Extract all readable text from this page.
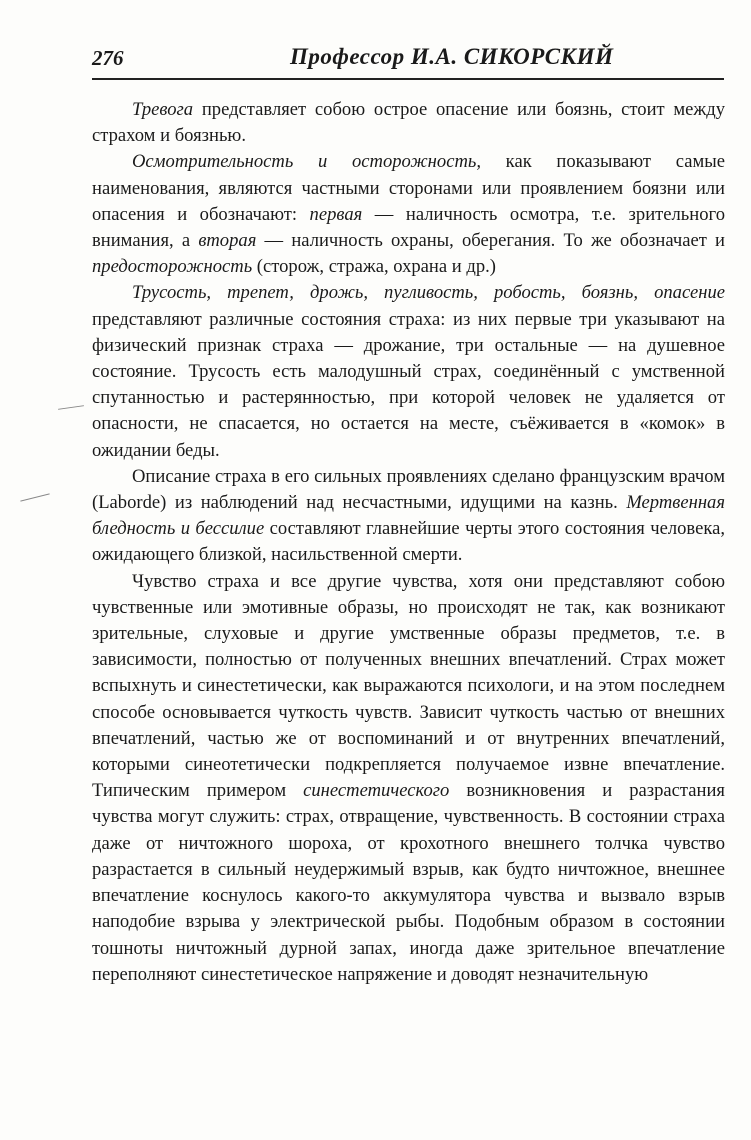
276	Профессор И.А. СИКОРСКИЙ

Тревога представляет собою острое опасение или боязнь, стоит между страхом и боязнью.

Осмотрительность и осторожность, как показывают самые наименования, являются частными сторонами или проявлением боязни или опасения и обозначают: первая — наличность осмотра, т.е. зрительного внимания, а вторая — наличность охраны, оберегания. То же обозначает и предосторожность (сторож, стража, охрана и др.)

Трусость, трепет, дрожь, пугливость, робость, боязнь, опасение представляют различные состояния страха: из них первые три указывают на физический признак страха — дрожание, три остальные — на душевное состояние. Трусость есть малодушный страх, соединённый с умственной спутанностью и растерянностью, при которой человек не удаляется от опасности, не спасается, но остается на месте, съёживается в «комок» в ожидании беды.

Описание страха в его сильных проявлениях сделано французским врачом (Laborde) из наблюдений над несчастными, идущими на казнь. Мертвенная бледность и бессилие составляют главнейшие черты этого состояния человека, ожидающего близкой, насильственной смерти.

Чувство страха и все другие чувства, хотя они представляют собою чувственные или эмотивные образы, но происходят не так, как возникают зрительные, слуховые и другие умственные образы предметов, т.е. в зависимости, полностью от полученных внешних впечатлений. Страх может вспыхнуть и синестетически, как выражаются психологи, и на этом последнем способе основывается чуткость чувств. Зависит чуткость частью от внешних впечатлений, частью же от воспоминаний и от внутренних впечатлений, которыми синеотетически подкрепляется получаемое извне впечатление. Типическим примером синестетического возникновения и разрастания чувства могут служить: страх, отвращение, чувственность. В состоянии страха даже от ничтожного шороха, от крохотного внешнего толчка чувство разрастается в сильный неудержимый взрыв, как будто ничтожное, внешнее впечатление коснулось какого-то аккумулятора чувства и вызвало взрыв наподобие взрыва у электрической рыбы. Подобным образом в состоянии тошноты ничтожный дурной запах, иногда даже зрительное впечатление переполняют синестетическое напряжение и доводят незначительную
